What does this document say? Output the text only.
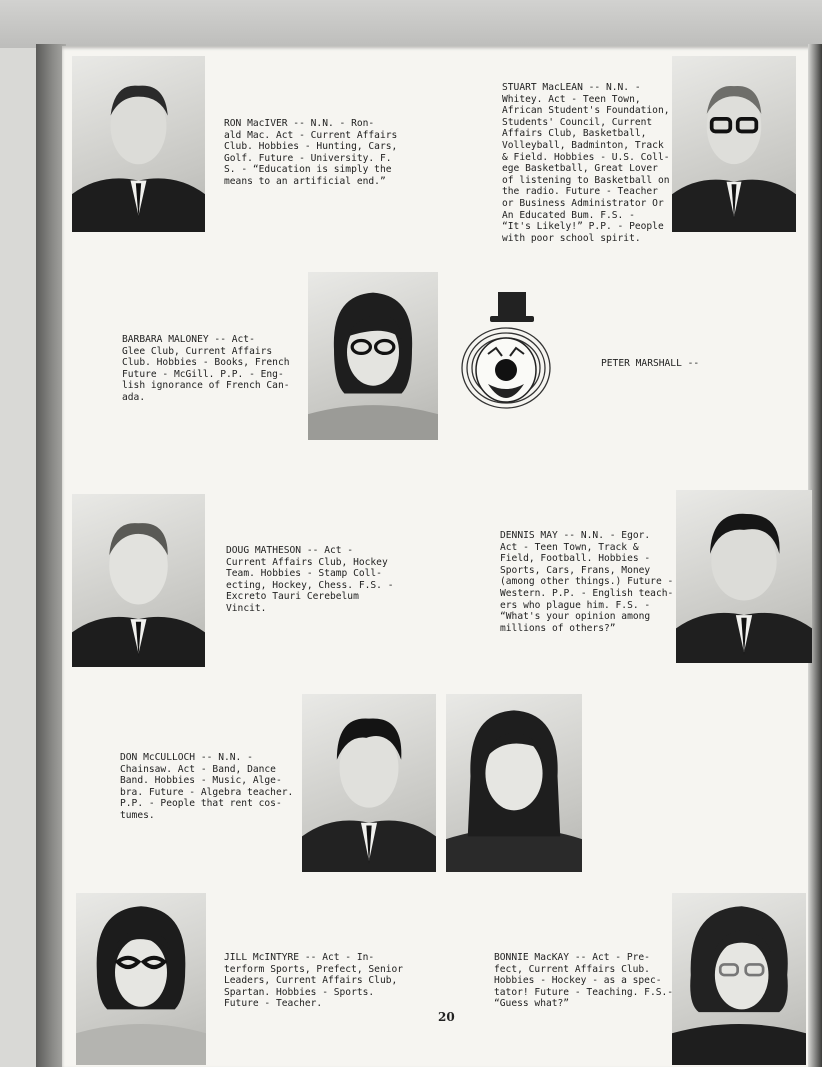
RON MacIVER -- N.N. - Ron-
ald Mac. Act - Current Affairs
Club. Hobbies - Hunting, Cars,
Golf. Future - University. F.
S. - “Education is simply the
means to an artificial end.”
STUART MacLEAN -- N.N. -
Whitey. Act - Teen Town,
African Student's Foundation,
Students' Council, Current
Affairs Club, Basketball,
Volleyball, Badminton, Track
& Field. Hobbies - U.S. Coll-
ege Basketball, Great Lover
of listening to Basketball on
the radio. Future - Teacher
or Business Administrator Or
An Educated Bum. F.S. -
“It's Likely!” P.P. - People
with poor school spirit.
BARBARA MALONEY -- Act-
Glee Club, Current Affairs
Club. Hobbies - Books, French
Future - McGill. P.P. - Eng-
lish ignorance of French Can-
ada.
PETER MARSHALL --
DOUG MATHESON -- Act -
Current Affairs Club, Hockey
Team. Hobbies - Stamp Coll-
ecting, Hockey, Chess. F.S. -
Excreto Tauri Cerebelum
Vincit.
DENNIS MAY -- N.N. - Egor.
Act - Teen Town, Track &
Field, Football. Hobbies -
Sports, Cars, Frans, Money
(among other things.) Future -
Western. P.P. - English teach-
ers who plague him. F.S. -
“What's your opinion among
millions of others?”
DON McCULLOCH -- N.N. -
Chainsaw. Act - Band, Dance
Band. Hobbies - Music, Alge-
bra. Future - Algebra teacher.
P.P. - People that rent cos-
tumes.
JILL McINTYRE -- Act - In-
terform Sports, Prefect, Senior
Leaders, Current Affairs Club,
Spartan. Hobbies - Sports.
Future - Teacher.
BONNIE MacKAY -- Act - Pre-
fect, Current Affairs Club.
Hobbies - Hockey - as a spec-
tator! Future - Teaching. F.S.-
“Guess what?”
20
